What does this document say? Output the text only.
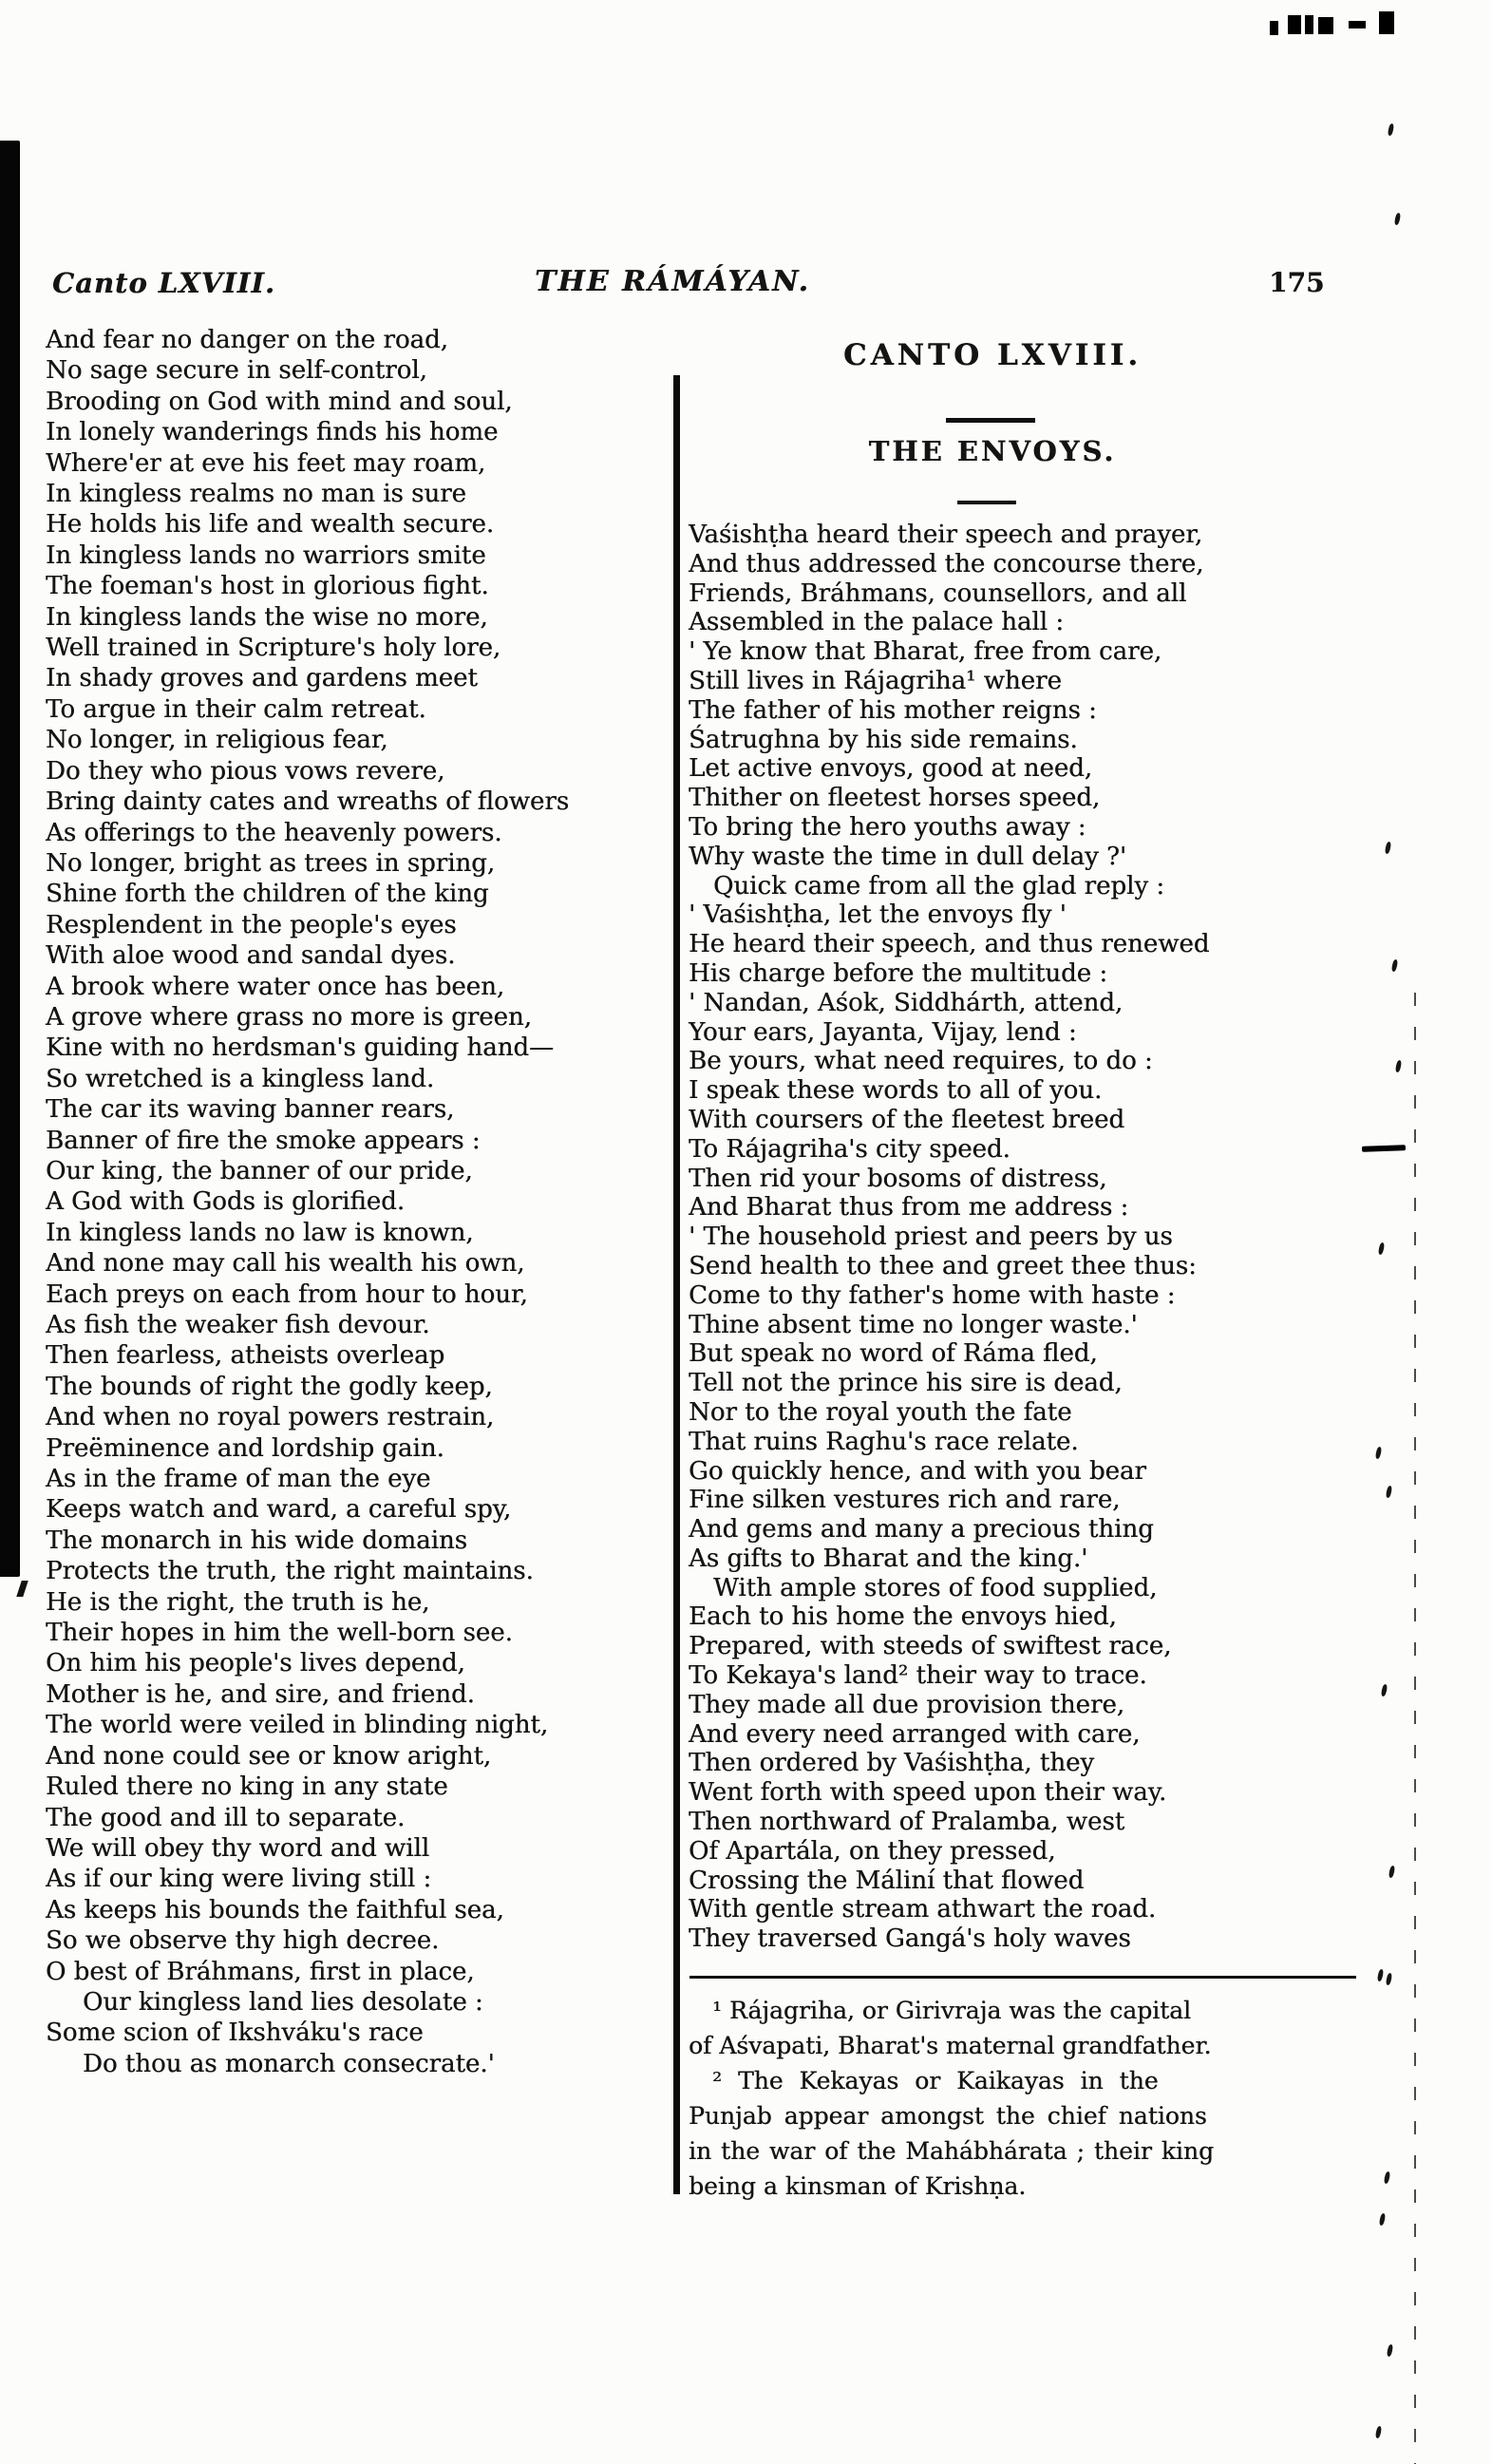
Canto LXVIII.	THE RÁMÁYAN.	175
And fear no danger on the road,
No sage secure in self-control,
Brooding on God with mind and soul,
In lonely wanderings finds his home
Where'er at eve his feet may roam,
In kingless realms no man is sure
He holds his life and wealth secure.
In kingless lands no warriors smite
The foeman's host in glorious fight.
In kingless lands the wise no more,
Well trained in Scripture's holy lore,
In shady groves and gardens meet
To argue in their calm retreat.
No longer, in religious fear,
Do they who pious vows revere,
Bring dainty cates and wreaths of flowers
As offerings to the heavenly powers.
No longer, bright as trees in spring,
Shine forth the children of the king
Resplendent in the people's eyes
With aloe wood and sandal dyes.
A brook where water once has been,
A grove where grass no more is green,
Kine with no herdsman's guiding hand—
So wretched is a kingless land.
The car its waving banner rears,
Banner of fire the smoke appears :
Our king, the banner of our pride,
A God with Gods is glorified.
In kingless lands no law is known,
And none may call his wealth his own,
Each preys on each from hour to hour,
As fish the weaker fish devour.
Then fearless, atheists overleap
The bounds of right the godly keep,
And when no royal powers restrain,
Preëminence and lordship gain.
As in the frame of man the eye
Keeps watch and ward, a careful spy,
The monarch in his wide domains
Protects the truth, the right maintains.
He is the right, the truth is he,
Their hopes in him the well-born see.
On him his people's lives depend,
Mother is he, and sire, and friend.
The world were veiled in blinding night,
And none could see or know aright,
Ruled there no king in any state
The good and ill to separate.
We will obey thy word and will
As if our king were living still :
As keeps his bounds the faithful sea,
So we observe thy high decree.
O best of Bráhmans, first in place,
   Our kingless land lies desolate :
Some scion of Ikshváku's race
   Do thou as monarch consecrate.'
CANTO LXVIII.
THE ENVOYS.
Vaśishṭha heard their speech and prayer,
And thus addressed the concourse there,
Friends, Bráhmans, counsellors, and all
Assembled in the palace hall :
' Ye know that Bharat, free from care,
Still lives in Rájagriha¹ where
The father of his mother reigns :
Śatrughna by his side remains.
Let active envoys, good at need,
Thither on fleetest horses speed,
To bring the hero youths away :
Why waste the time in dull delay ?'
  Quick came from all the glad reply :
' Vaśishṭha, let the envoys fly '
He heard their speech, and thus renewed
His charge before the multitude :
' Nandan, Aśok, Siddhárth, attend,
Your ears, Jayanta, Vijay, lend :
Be yours, what need requires, to do :
I speak these words to all of you.
With coursers of the fleetest breed
To Rájagriha's city speed.
Then rid your bosoms of distress,
And Bharat thus from me address :
' The household priest and peers by us
Send health to thee and greet thee thus:
Come to thy father's home with haste :
Thine absent time no longer waste.'
But speak no word of Ráma fled,
Tell not the prince his sire is dead,
Nor to the royal youth the fate
That ruins Raghu's race relate.
Go quickly hence, and with you bear
Fine silken vestures rich and rare,
And gems and many a precious thing
As gifts to Bharat and the king.'
  With ample stores of food supplied,
Each to his home the envoys hied,
Prepared, with steeds of swiftest race,
To Kekaya's land² their way to trace.
They made all due provision there,
And every need arranged with care,
Then ordered by Vaśishṭha, they
Went forth with speed upon their way.
Then northward of Pralamba, west
Of Apartála, on they pressed,
Crossing the Máliní that flowed
With gentle stream athwart the road.
They traversed Gangá's holy waves
  ¹ Rájagriha, or Girivraja was the capital
of Aśvapati, Bharat's maternal grandfather.
  ² The Kekayas or Kaikayas in the
Punjab appear amongst the chief nations
in the war of the Mahábhárata ; their king
being a kinsman of Krishṇa.
